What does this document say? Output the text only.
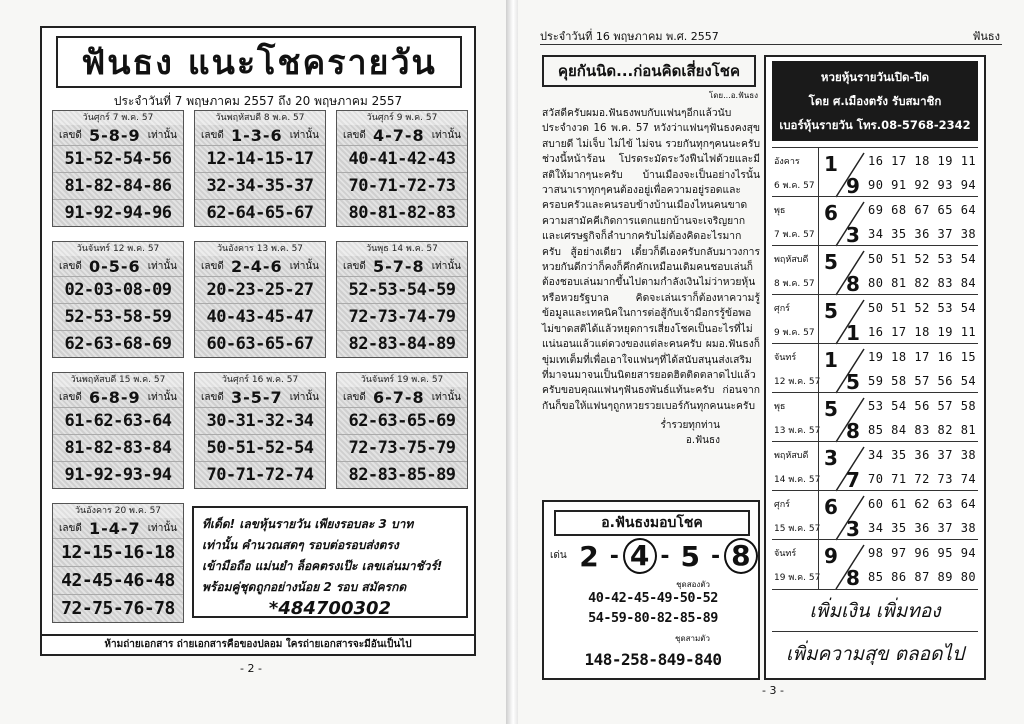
ฟันธง แนะโชครายวัน
ประจำวันที่ 7 พฤษภาคม 2557 ถึง 20 พฤษภาคม 2557
วันศุกร์ 7 พ.ค. 57
เลขดี 5-8-9 เท่านั้น
51-52-54-56
81-82-84-86
91-92-94-96
วันพฤหัสบดี 8 พ.ค. 57
เลขดี 1-3-6 เท่านั้น
12-14-15-17
32-34-35-37
62-64-65-67
วันศุกร์ 9 พ.ค. 57
เลขดี 4-7-8 เท่านั้น
40-41-42-43
70-71-72-73
80-81-82-83
วันจันทร์ 12 พ.ค. 57
เลขดี 0-5-6 เท่านั้น
02-03-08-09
52-53-58-59
62-63-68-69
วันอังคาร 13 พ.ค. 57
เลขดี 2-4-6 เท่านั้น
20-23-25-27
40-43-45-47
60-63-65-67
วันพุธ 14 พ.ค. 57
เลขดี 5-7-8 เท่านั้น
52-53-54-59
72-73-74-79
82-83-84-89
วันพฤหัสบดี 15 พ.ค. 57
เลขดี 6-8-9 เท่านั้น
61-62-63-64
81-82-83-84
91-92-93-94
วันศุกร์ 16 พ.ค. 57
เลขดี 3-5-7 เท่านั้น
30-31-32-34
50-51-52-54
70-71-72-74
วันจันทร์ 19 พ.ค. 57
เลขดี 6-7-8 เท่านั้น
62-63-65-69
72-73-75-79
82-83-85-89
วันอังคาร 20 พ.ค. 57
เลขดี 1-4-7 เท่านั้น
12-15-16-18
42-45-46-48
72-75-76-78
ทีเด็ด! เลขหุ้นรายวัน เพียงรอบละ 3 บาท
เท่านั้น คำนวณสดๆ รอบต่อรอบส่งตรง
เข้ามือถือ แม่นยำ ล็อคตรงเป๊ะ เลขเล่นมาชัวร์!
พร้อมคู่ชุดถูกอย่างน้อย 2 รอบ สมัครกด
*484700302
ห้ามถ่ายเอกสาร ถ่ายเอกสารคือของปลอม ใครถ่ายเอกสารจะมีอันเป็นไป
- 2 -
ประจำวันที่ 16 พฤษภาคม พ.ศ. 2557	ฟันธง
คุยกันนิด...ก่อนคิดเสี่ยงโชค
โดย...อ.ฟันธง
สวัสดีครับผมอ.ฟันธงพบกับแฟนๆอีกแล้วนับประจำงวด 16 พ.ค. 57 หวังว่าแฟนๆฟันธงคงสุขสบายดี ไม่เจ็บ ไม่ไข้ ไม่จน รวยกันทุกๆคนนะครับ ช่วงนี้หน้าร้อน โปรดระมัดระวังฟืนไฟด้วยและมีสติให้มากๆนะครับ บ้านเมืองจะเป็นอย่างไรนั้นวาสนาเราทุกๆคนต้องอยู่เพื่อความอยู่รอดและครอบครัวและคนรอบข้างบ้านเมืองไหนคนขาดความสามัคคีเกิดการแตกแยกบ้านจะเจริญยากและเศรษฐกิจก็ลำบากครับไม่ต้องคิดอะไรมากครับ สู้อย่างเดียว เดี๋ยวก็ดีเองครับกลับมาวงการหวยกันดีกว่าก็คงก็คึกคักเหมือนเดิมคนชอบเล่นก็ต้องชอบเล่นมากขึ้นไปตามกำลังเงินไม่ว่าหวยหุ้นหรือหวยรัฐบาล คิดจะเล่นเราก็ต้องหาความรู้ข้อมูลและเทคนิคในการต่อสู้กับเจ้ามือกรรู้ข้อพอไม่ขาดสติได้แล้วหยุดการเสี่ยงโชคเป็นอะไรที่ไม่แน่นอนแล้วแต่ดวงของแต่ละคนครับ ผมอ.ฟันธงก็ขุ่มเทเต็มที่เพื่อเอาใจแฟนๆที่ได้สนับสนุนส่งเสริมที่มาจนมาจนเป็นนิตยสารยอดฮิตติดตลาดไปแล้วครับขอบคุณแฟนๆฟันธงพันธ์แท้นะครับ ก่อนจากกันก็ขอให้แฟนๆถูกหวยรวยเบอร์กันทุกคนนะครับ
ร่ำรวยทุกท่าน
อ.ฟันธง
อ.ฟันธงมอบโชค
เด่น 2 - 4 - 5 - 8
ชุดสองตัว
40-42-45-49-50-52
54-59-80-82-85-89
ชุดสามตัว
148-258-849-840
หวยหุ้นรายวันเปิด-ปิด
โดย ศ.เมืองตรัง รับสมาชิก
เบอร์หุ้นรายวัน โทร.08-5768-2342
อังคาร
6 พ.ค. 57
1
9
16 17 18 19 11
90 91 92 93 94
พุธ
7 พ.ค. 57
6
3
69 68 67 65 64
34 35 36 37 38
พฤหัสบดี
8 พ.ค. 57
5
8
50 51 52 53 54
80 81 82 83 84
ศุกร์
9 พ.ค. 57
5
1
50 51 52 53 54
16 17 18 19 11
จันทร์
12 พ.ค. 57
1
5
19 18 17 16 15
59 58 57 56 54
พุธ
13 พ.ค. 57
5
8
53 54 56 57 58
85 84 83 82 81
พฤหัสบดี
14 พ.ค. 57
3
7
34 35 36 37 38
70 71 72 73 74
ศุกร์
15 พ.ค. 57
6
3
60 61 62 63 64
34 35 36 37 38
จันทร์
19 พ.ค. 57
9
8
98 97 96 95 94
85 86 87 89 80
เพิ่มเงิน เพิ่มทอง
เพิ่มความสุข ตลอดไป
- 3 -
